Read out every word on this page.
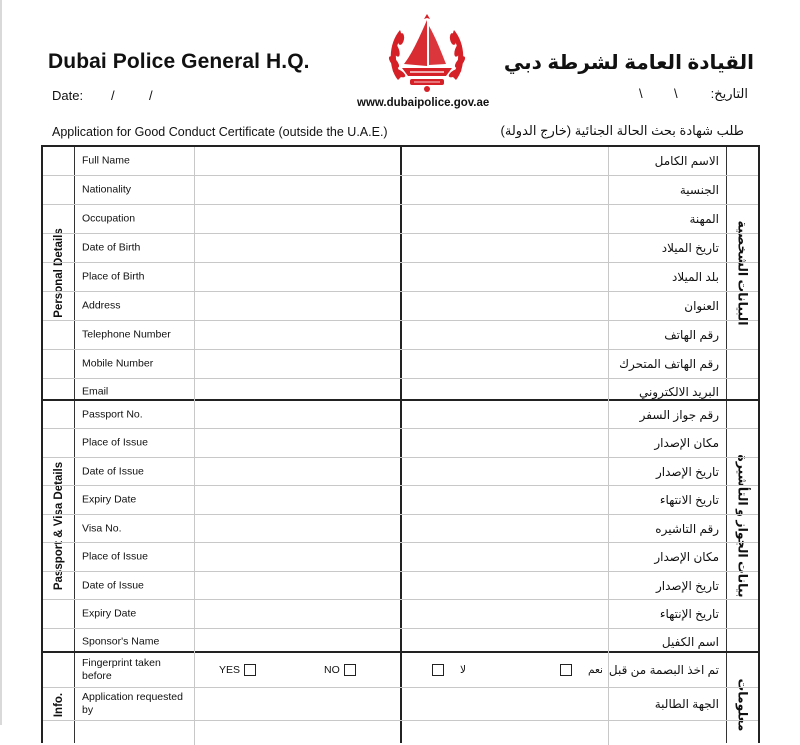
Dubai Police General H.Q.	القيادة العامة لشرطة دبي
Date: /	/	التاريخ:
\
\
www.dubaipolice.gov.ae
Application for Good Conduct Certificate (outside the U.A.E.)	طلب شهادة بحث الحالة الجنائية (خارج الدولة)
Personal Details	البيانات الشخصية
Full Name	الاسم الكامل
Nationality	الجنسية
Occupation	المهنة
Date of Birth	تاريخ الميلاد
Place of Birth	بلد الميلاد
Address	العنوان
Telephone Number	رقم الهاتف
Mobile Number	رقم الهاتف المتحرك
Email	البريد الالكتروني
Passport & Visa Details	بيانات الجواز و التأشيرة
Passport No.	رقم جواز السفر
Place of Issue	مكان الإصدار
Date of Issue	تاريخ الإصدار
Expiry Date	تاريخ الانتهاء
Visa No.	رقم التاشيره
Place of Issue	مكان الإصدار
Date of Issue	تاريخ الإصدار
Expiry Date	تاريخ الإنتهاء
Sponsor's Name	اسم الكفيل
Info.	معلومات
Fingerprint taken before	YES	NO	لا	نعم تم اخذ البصمة من قبل
Application requested by	الجهة الطالبة
